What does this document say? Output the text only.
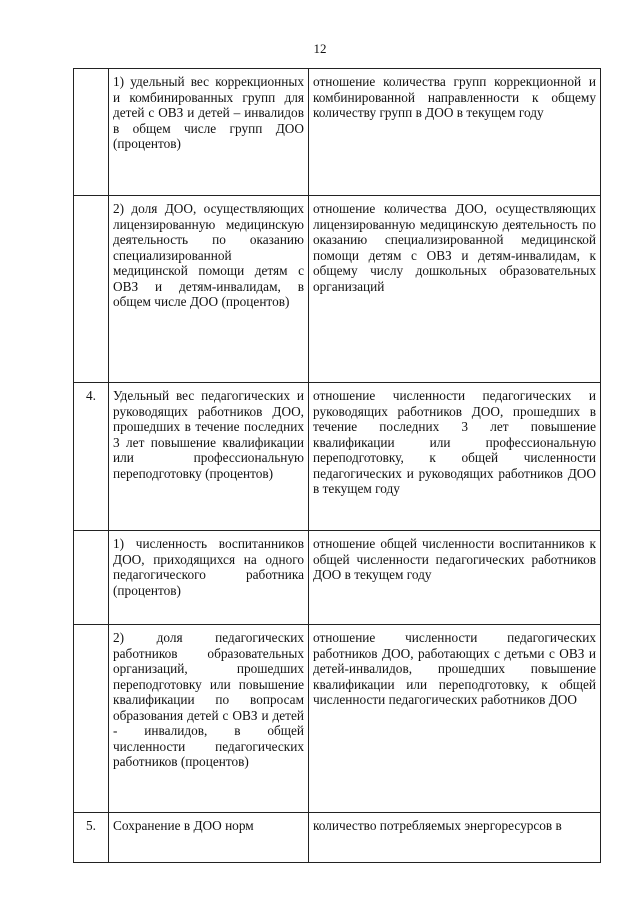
12
	1) удельный вес коррекционных и комбинированных групп для детей с ОВЗ и детей – инвалидов в общем числе групп ДОО (процентов)	отношение количества групп коррекционной и комбинированной направленности к общему количеству групп в ДОО в текущем году
	2) доля ДОО, осуществляющих лицензированную медицинскую деятельность по оказанию специализированной медицинской помощи детям с ОВЗ и детям-инвалидам, в общем числе ДОО (процентов)	отношение количества ДОО, осуществляющих лицензированную медицинскую деятельность по оказанию специализированной медицинской помощи детям с ОВЗ и детям-инвалидам, к общему числу дошкольных образовательных организаций
4.	Удельный вес педагогических и руководящих работников ДОО, прошедших в течение последних 3 лет повышение квалификации или профессиональную переподготовку (процентов)	отношение численности педагогических и руководящих работников ДОО, прошедших в течение последних 3 лет повышение квалификации или профессиональную переподготовку, к общей численности педагогических и руководящих работников ДОО в текущем году
	1) численность воспитанников ДОО, приходящихся на одного педагогического работника (процентов)	отношение общей численности воспитанников к общей численности педагогических работников ДОО в текущем году
	2) доля педагогических работников образовательных организаций, прошедших переподготовку или повышение квалификации по вопросам образования детей с ОВЗ и детей - инвалидов, в общей численности педагогических работников (процентов)	отношение численности педагогических работников ДОО, работающих с детьми с ОВЗ и детей-инвалидов, прошедших повышение квалификации или переподготовку, к общей численности педагогических работников ДОО
5.	Сохранение в ДОО норм	количество потребляемых энергоресурсов в
